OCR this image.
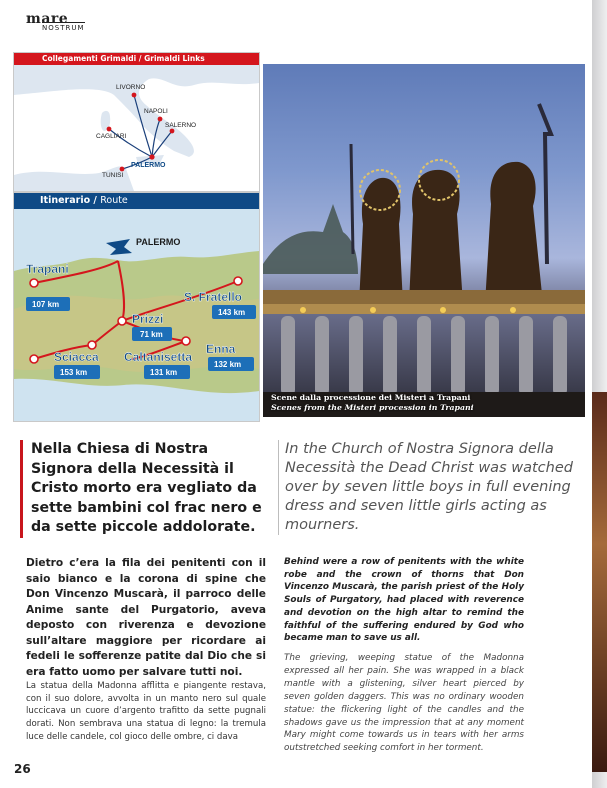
mare
NOSTRUM
Collegamenti Grimaldi / Grimaldi Links
LIVORNO
NAPOLI
CAGLIARI
SALERNO
PALERMO
TUNISI
Itinerario / Route
PALERMO
Trapani
107 km
S. Fratello
143 km
Prizzi
71 km
Enna
132 km
Sciacca
153 km
Caltanisetta
131 km
Scene dalla processione dei Misteri a Trapani
Scenes from the Misteri procession in Trapani
Nella Chiesa di Nostra Signora della Necessità il Cristo morto era vegliato da sette bambini col frac nero e da sette piccole addolorate.
In the Church of Nostra Signora della Necessità the Dead Christ was watched over by seven little boys in full evening dress and seven little girls acting as mourners.
Dietro c’era la fila dei penitenti con il saio bianco e la corona di spine che Don Vincenzo Muscarà, il parroco delle Anime sante del Purgatorio, aveva deposto con riverenza e devozione sull’altare maggiore per ricordare ai fedeli le sofferenze patite dal Dio che si era fatto uomo per salvare tutti noi.
La statua della Madonna afflitta e piangente restava, con il suo dolore, avvolta in un manto nero sul quale luccicava un cuore d’argento trafitto da sette pugnali dorati. Non sembrava una statua di legno: la tremula luce delle candele, col gioco delle ombre, ci dava
Behind were a row of penitents with the white robe and the crown of thorns that Don Vincenzo Muscarà, the parish priest of the Holy Souls of Purgatory, had placed with reverence and devotion on the high altar to remind the faithful of the suffering endured by God who became man to save us all.
The grieving, weeping statue of the Madonna expressed all her pain. She was wrapped in a black mantle with a glistening, silver heart pierced by seven golden daggers. This was no ordinary wooden statue: the flickering light of the candles and the shadows gave us the impression that at any moment Mary might come towards us in tears with her arms outstretched seeking comfort in her torment.
26
